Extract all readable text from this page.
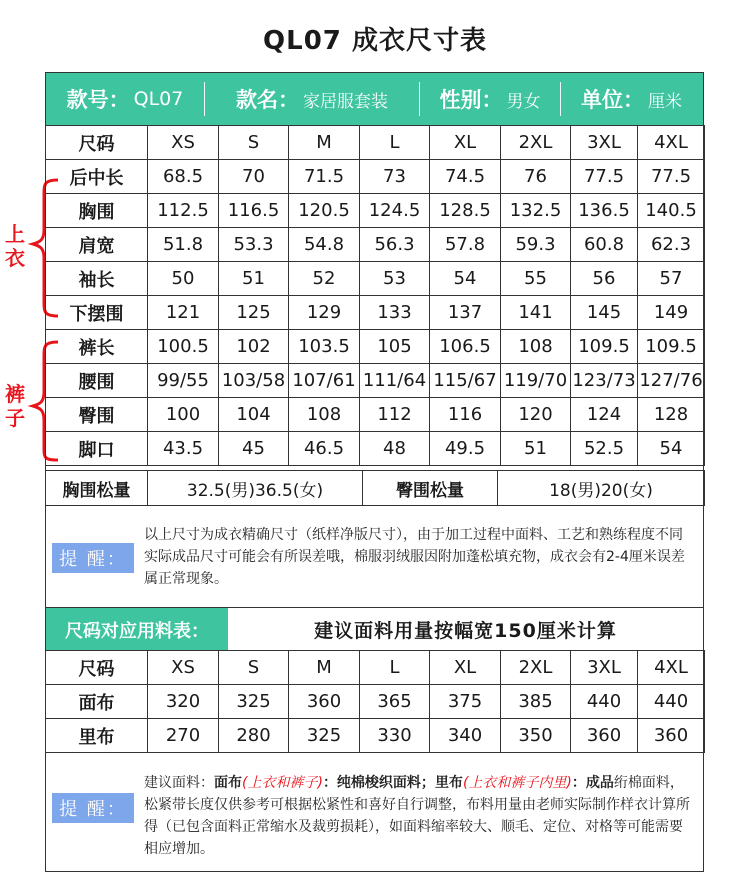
QL07 成衣尺寸表
款号： QL07	款名： 家居服套装 性别： 男女 单位： 厘米
上衣
裤子
尺码	XS	S	M	L	XL	2XL	3XL	4XL
后中长	68.5	70	71.5	73	74.5	76	77.5	77.5
胸围	112.5	116.5	120.5	124.5	128.5	132.5	136.5	140.5
肩宽	51.8	53.3	54.8	56.3	57.8	59.3	60.8	62.3
袖长	50	51	52	53	54	55	56	57
下摆围	121	125	129	133	137	141	145	149
裤长	100.5	102	103.5	105	106.5	108	109.5	109.5
腰围	99/55	103/58	107/61	111/64	115/67	119/70	123/73	127/76
臀围	100	104	108	112	116	120	124	128
脚口	43.5	45	46.5	48	49.5	51	52.5	54
胸围松量	32.5(男)36.5(女)	臀围松量	18(男)20(女)
提 醒：
以上尺寸为成衣精确尺寸（纸样净版尺寸），由于加工过程中面料、工艺和熟练程度不同实际成品尺寸可能会有所误差哦，棉服羽绒服因附加蓬松填充物，成衣会有2-4厘米误差属正常现象。
尺码对应用料表：	建议面料用量按幅宽150厘米计算
尺码	XS	S	M	L	XL	2XL	3XL	4XL
面布	320	325	360	365	375	385	440	440
里布	270	280	325	330	340	350	360	360
提 醒：
建议面料：面布(上衣和裤子)：纯棉梭织面料；里布(上衣和裤子内里)：成品绗棉面料，松紧带长度仅供参考可根据松紧性和喜好自行调整，布料用量由老师实际制作样衣计算所得（已包含面料正常缩水及裁剪损耗），如面料缩率较大、顺毛、定位、对格等可能需要相应增加。
